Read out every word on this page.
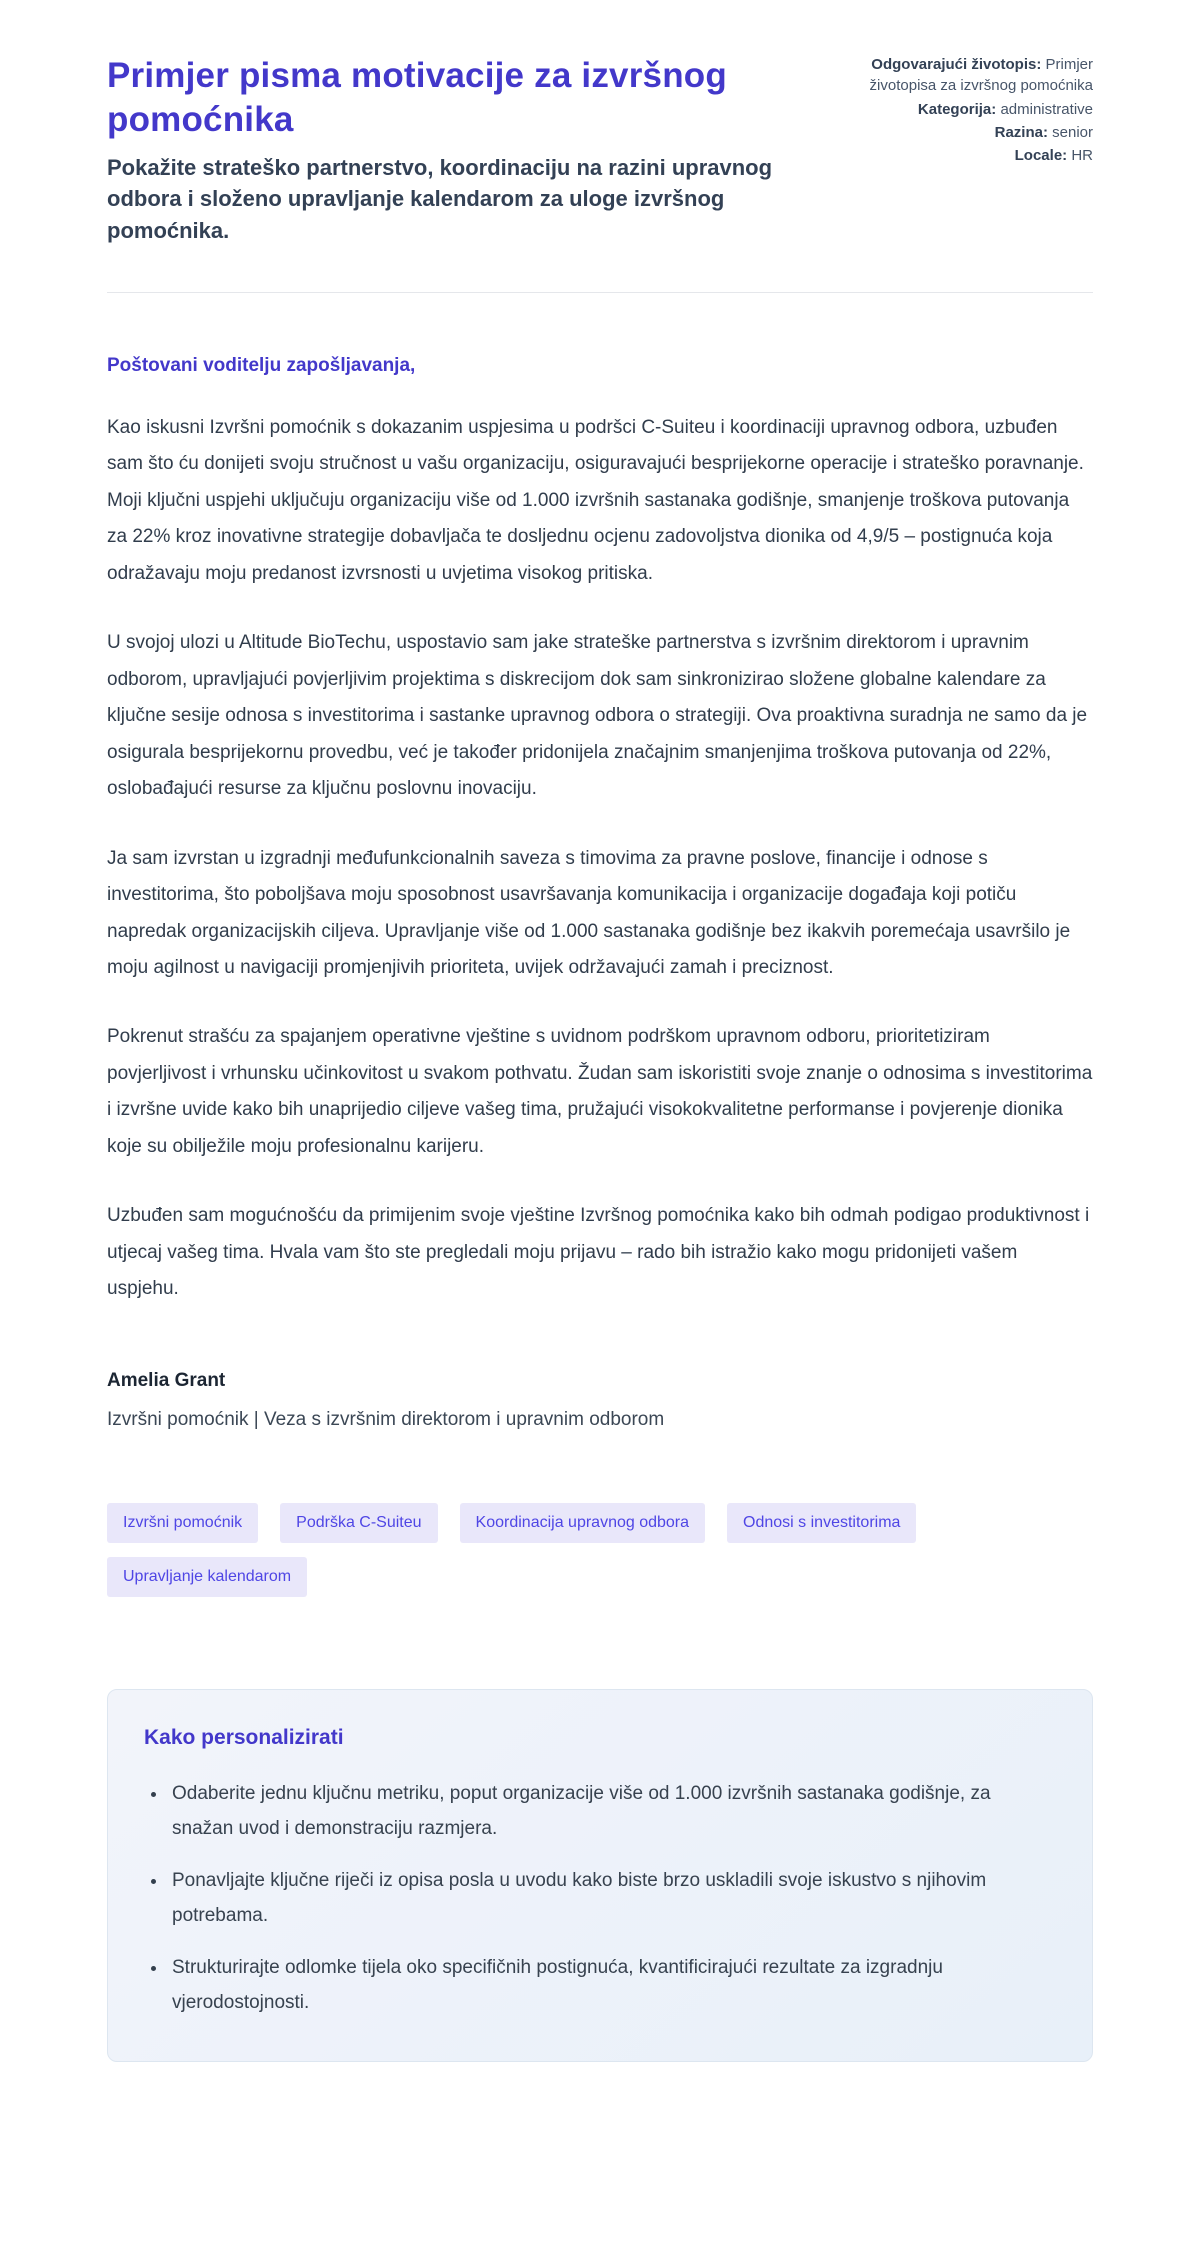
Primjer pisma motivacije za izvršnog pomoćnika

Pokažite strateško partnerstvo, koordinaciju na razini upravnog odbora i složeno upravljanje kalendarom za uloge izvršnog pomoćnika.

Odgovarajući životopis: Primjer životopisa za izvršnog pomoćnika
Kategorija: administrative
Razina: senior
Locale: HR

Poštovani voditelju zapošljavanja,

Kao iskusni Izvršni pomoćnik s dokazanim uspjesima u podršci C-Suiteu i koordinaciji upravnog odbora, uzbuđen sam što ću donijeti svoju stručnost u vašu organizaciju, osiguravajući besprijekorne operacije i strateško poravnanje. Moji ključni uspjehi uključuju organizaciju više od 1.000 izvršnih sastanaka godišnje, smanjenje troškova putovanja za 22% kroz inovativne strategije dobavljača te dosljednu ocjenu zadovoljstva dionika od 4,9/5 – postignuća koja odražavaju moju predanost izvrsnosti u uvjetima visokog pritiska.

U svojoj ulozi u Altitude BioTechu, uspostavio sam jake strateške partnerstva s izvršnim direktorom i upravnim odborom, upravljajući povjerljivim projektima s diskrecijom dok sam sinkronizirao složene globalne kalendare za ključne sesije odnosa s investitorima i sastanke upravnog odbora o strategiji. Ova proaktivna suradnja ne samo da je osigurala besprijekornu provedbu, već je također pridonijela značajnim smanjenjima troškova putovanja od 22%, oslobađajući resurse za ključnu poslovnu inovaciju.

Ja sam izvrstan u izgradnji međufunkcionalnih saveza s timovima za pravne poslove, financije i odnose s investitorima, što poboljšava moju sposobnost usavršavanja komunikacija i organizacije događaja koji potiču napredak organizacijskih ciljeva. Upravljanje više od 1.000 sastanaka godišnje bez ikakvih poremećaja usavršilo je moju agilnost u navigaciji promjenjivih prioriteta, uvijek održavajući zamah i preciznost.

Pokrenut strašću za spajanjem operativne vještine s uvidnom podrškom upravnom odboru, prioritetiziram povjerljivost i vrhunsku učinkovitost u svakom pothvatu. Žudan sam iskoristiti svoje znanje o odnosima s investitorima i izvršne uvide kako bih unaprijedio ciljeve vašeg tima, pružajući visokokvalitetne performanse i povjerenje dionika koje su obilježile moju profesionalnu karijeru.

Uzbuđen sam mogućnošću da primijenim svoje vještine Izvršnog pomoćnika kako bih odmah podigao produktivnost i utjecaj vašeg tima. Hvala vam što ste pregledali moju prijavu – rado bih istražio kako mogu pridonijeti vašem uspjehu.

Amelia Grant

Izvršni pomoćnik | Veza s izvršnim direktorom i upravnim odborom

Izvršni pomoćnik	Podrška C-Suiteu	Koordinacija upravnog odbora	Odnosi s investitorima
Upravljanje kalendarom
Kako personalizirati
• Odaberite jednu ključnu metriku, poput organizacije više od 1.000 izvršnih sastanaka godišnje, za snažan uvod i demonstraciju razmjera.
• Ponavljajte ključne riječi iz opisa posla u uvodu kako biste brzo uskladili svoje iskustvo s njihovim potrebama.
• Strukturirajte odlomke tijela oko specifičnih postignuća, kvantificirajući rezultate za izgradnju vjerodostojnosti.
